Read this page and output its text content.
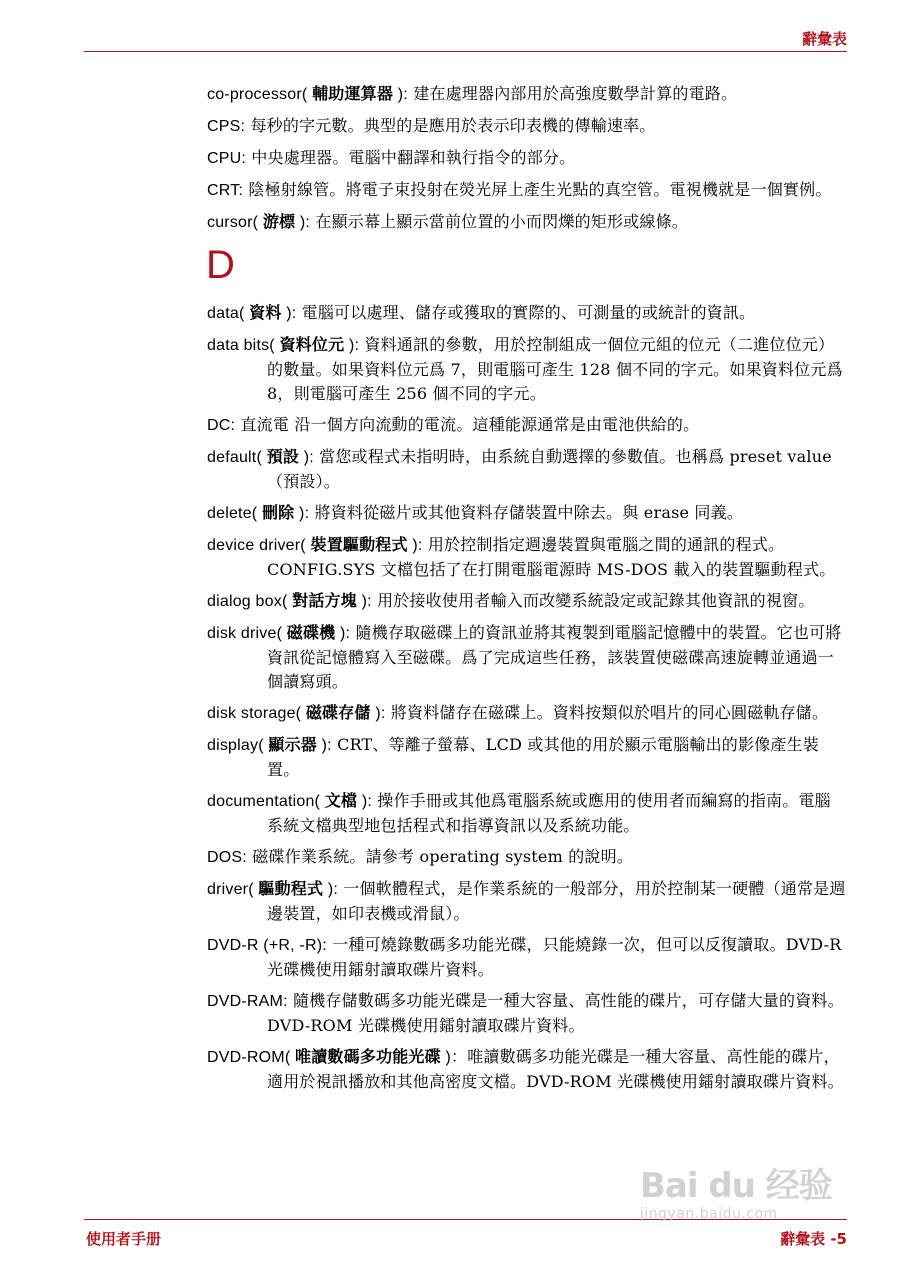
辭彙表
co-processor( 輔助運算器 ): 建在處理器內部用於高強度數學計算的電路。
CPS: 每秒的字元數。典型的是應用於表示印表機的傳輸速率。
CPU: 中央處理器。電腦中翻譯和執行指令的部分。
CRT: 陰極射線管。將電子束投射在熒光屏上產生光點的真空管。電視機就是一個實例。
cursor( 游標 ): 在顯示幕上顯示當前位置的小而閃爍的矩形或線條。
D
data( 資料 ): 電腦可以處理、儲存或獲取的實際的、可測量的或統計的資訊。
data bits( 資料位元 ): 資料通訊的參數，用於控制組成一個位元組的位元（二進位位元）的數量。如果資料位元爲 7，則電腦可產生 128 個不同的字元。如果資料位元爲 8，則電腦可產生 256 個不同的字元。
DC: 直流電 沿一個方向流動的電流。這種能源通常是由電池供給的。
default( 預設 ): 當您或程式未指明時，由系統自動選擇的參數值。也稱爲 preset value （預設）。
delete( 刪除 ): 將資料從磁片或其他資料存儲裝置中除去。與 erase 同義。
device driver( 裝置驅動程式 ): 用於控制指定週邊裝置與電腦之間的通訊的程式。CONFIG.SYS 文檔包括了在打開電腦電源時 MS-DOS 載入的裝置驅動程式。
dialog box( 對話方塊 ): 用於接收使用者輸入而改變系統設定或記錄其他資訊的視窗。
disk drive( 磁碟機 ): 隨機存取磁碟上的資訊並將其複製到電腦記憶體中的裝置。它也可將資訊從記憶體寫入至磁碟。爲了完成這些任務，該裝置使磁碟高速旋轉並通過一個讀寫頭。
disk storage( 磁碟存儲 ): 將資料儲存在磁碟上。資料按類似於唱片的同心圓磁軌存儲。
display( 顯示器 ): CRT、等離子螢幕、LCD 或其他的用於顯示電腦輸出的影像產生裝置。
documentation( 文檔 ): 操作手冊或其他爲電腦系統或應用的使用者而編寫的指南。電腦系統文檔典型地包括程式和指導資訊以及系統功能。
DOS: 磁碟作業系統。請參考 operating system 的說明。
driver( 驅動程式 ): 一個軟體程式，是作業系統的一般部分，用於控制某一硬體（通常是週邊裝置，如印表機或滑鼠）。
DVD-R (+R, -R): 一種可燒錄數碼多功能光碟，只能燒錄一次，但可以反復讀取。DVD-R 光碟機使用鐳射讀取碟片資料。
DVD-RAM: 隨機存儲數碼多功能光碟是一種大容量、高性能的碟片，可存儲大量的資料。DVD-ROM 光碟機使用鐳射讀取碟片資料。
DVD-ROM( 唯讀數碼多功能光碟 )：唯讀數碼多功能光碟是一種大容量、高性能的碟片，適用於視訊播放和其他高密度文檔。DVD-ROM 光碟機使用鐳射讀取碟片資料。
使用者手册	辭彙表 -5
Bai du 经验
jingyan.baidu.com
